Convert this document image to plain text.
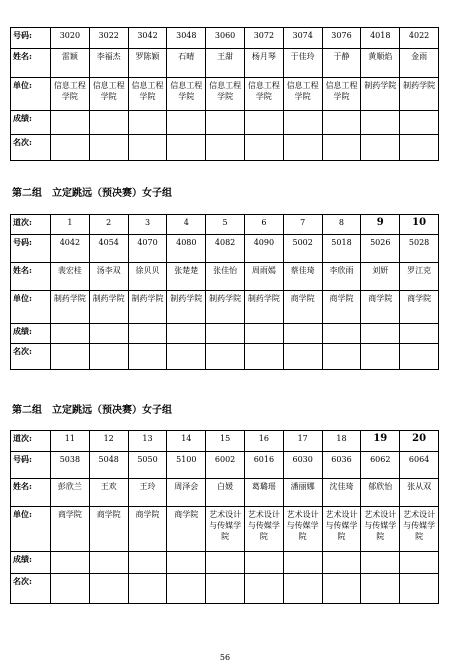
号码:	3020	3022	3042	3048	3060	3072	3074	3076	4018	4022
姓名:	雷颖	李福杰	罗陈颖	石晴	王甜	杨月琴	于佳玲	于静	黄顺焰	金雨
单位:	信息工程学院	信息工程学院	信息工程学院	信息工程学院	信息工程学院	信息工程学院	信息工程学院	信息工程学院	制药学院	制药学院
成绩:										
名次:										
第二组　立定跳远（预决赛）女子组
道次:	1	2	3	4	5	6	7	8	9	10
号码:	4042	4054	4070	4080	4082	4090	5002	5018	5026	5028
姓名:	裴宏桂	汤李双	徐贝贝	张楚楚	张佳怡	周雨嫣	蔡佳琦	李欣雨	刘妍	罗江克
单位:	制药学院	制药学院	制药学院	制药学院	制药学院	制药学院	商学院	商学院	商学院	商学院
成绩:										
名次:										
第二组　立定跳远（预决赛）女子组
道次:	11	12	13	14	15	16	17	18	19	20
号码:	5038	5048	5050	5100	6002	6016	6030	6036	6062	6064
姓名:	彭欣兰	王欢	王玲	周泽会	白媛	葛璐瑶	潘丽娜	沈佳琦	郁欣怡	张从双
单位:	商学院	商学院	商学院	商学院	艺术设计与传媒学院	艺术设计与传媒学院	艺术设计与传媒学院	艺术设计与传媒学院	艺术设计与传媒学院	艺术设计与传媒学院
成绩:										
名次:										
56
